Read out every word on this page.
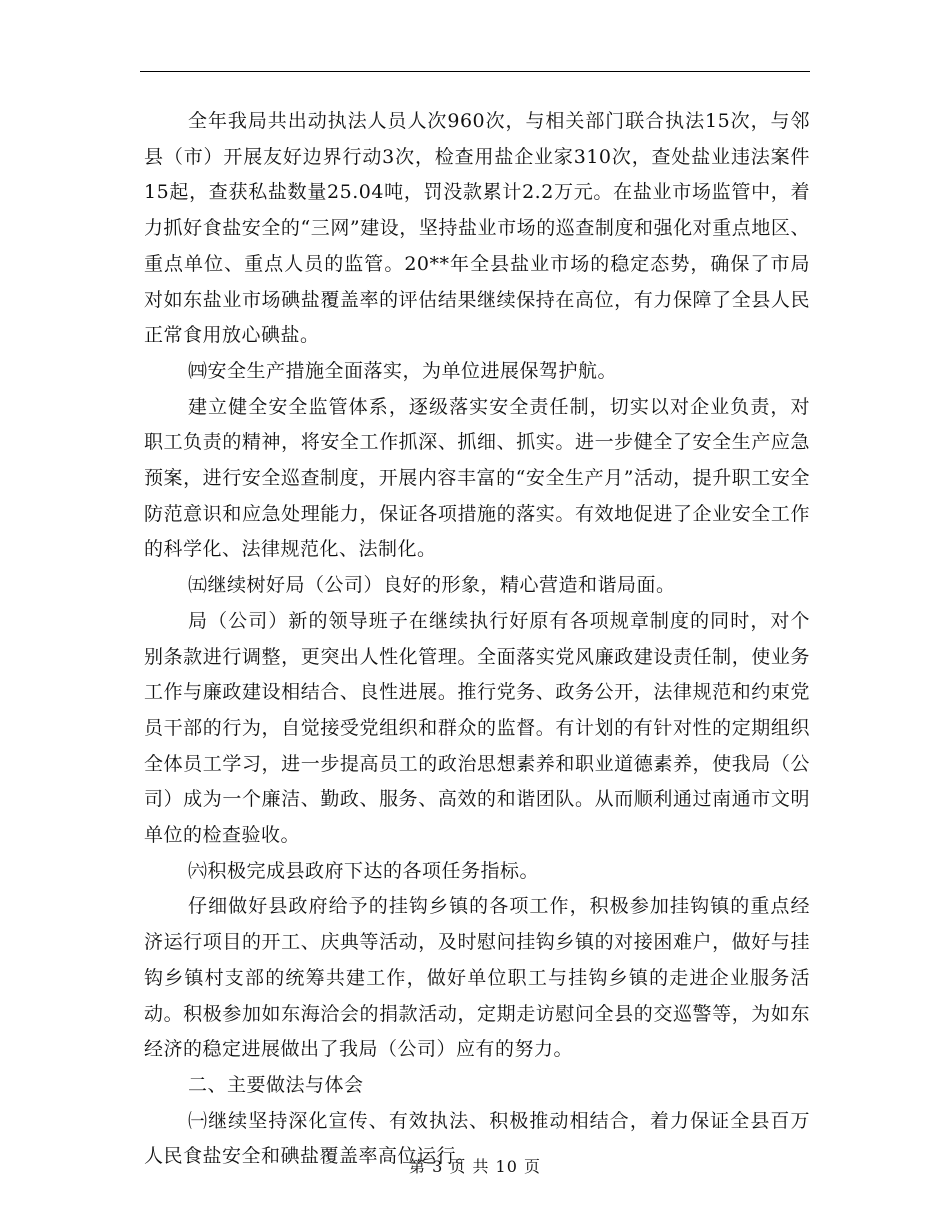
全年我局共出动执法人员人次960次，与相关部门联合执法15次，与邻县（市）开展友好边界行动3次，检查用盐企业家310次，查处盐业违法案件15起，查获私盐数量25.04吨，罚没款累计2.2万元。在盐业市场监管中，着力抓好食盐安全的“三网”建设，坚持盐业市场的巡查制度和强化对重点地区、重点单位、重点人员的监管。20**年全县盐业市场的稳定态势，确保了市局对如东盐业市场碘盐覆盖率的评估结果继续保持在高位，有力保障了全县人民正常食用放心碘盐。

㈣安全生产措施全面落实，为单位进展保驾护航。

建立健全安全监管体系，逐级落实安全责任制，切实以对企业负责，对职工负责的精神，将安全工作抓深、抓细、抓实。进一步健全了安全生产应急预案，进行安全巡查制度，开展内容丰富的“安全生产月”活动，提升职工安全防范意识和应急处理能力，保证各项措施的落实。有效地促进了企业安全工作的科学化、法律规范化、法制化。

㈤继续树好局（公司）良好的形象，精心营造和谐局面。

局（公司）新的领导班子在继续执行好原有各项规章制度的同时，对个别条款进行调整，更突出人性化管理。全面落实党风廉政建设责任制，使业务工作与廉政建设相结合、良性进展。推行党务、政务公开，法律规范和约束党员干部的行为，自觉接受党组织和群众的监督。有计划的有针对性的定期组织全体员工学习，进一步提高员工的政治思想素养和职业道德素养，使我局（公司）成为一个廉洁、勤政、服务、高效的和谐团队。从而顺利通过南通市文明单位的检查验收。

㈥积极完成县政府下达的各项任务指标。

仔细做好县政府给予的挂钩乡镇的各项工作，积极参加挂钩镇的重点经济运行项目的开工、庆典等活动，及时慰问挂钩乡镇的对接困难户，做好与挂钩乡镇村支部的统筹共建工作，做好单位职工与挂钩乡镇的走进企业服务活动。积极参加如东海洽会的捐款活动，定期走访慰问全县的交巡警等，为如东经济的稳定进展做出了我局（公司）应有的努力。

二、主要做法与体会

㈠继续坚持深化宣传、有效执法、积极推动相结合，着力保证全县百万人民食盐安全和碘盐覆盖率高位运行。

第 3 页 共 10 页
